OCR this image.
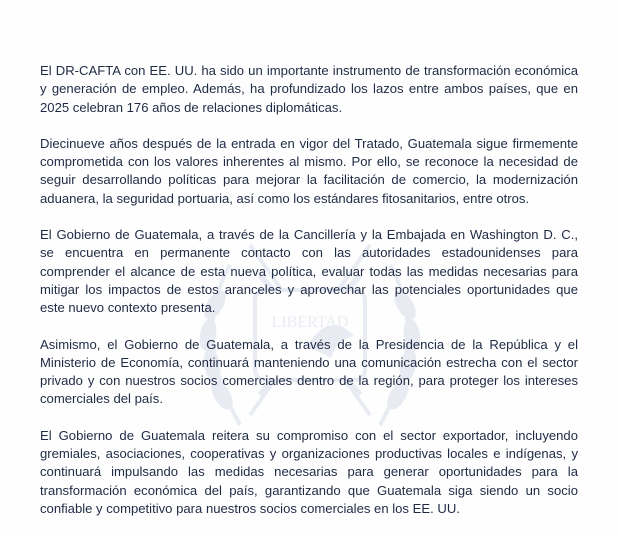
LIBERTAD

El DR-CAFTA con EE. UU. ha sido un importante instrumento de transformación económica y generación de empleo. Además, ha profundizado los lazos entre ambos países, que en 2025 celebran 176 años de relaciones diplomáticas.

Diecinueve años después de la entrada en vigor del Tratado, Guatemala sigue firmemente comprometida con los valores inherentes al mismo. Por ello, se reconoce la necesidad de seguir desarrollando políticas para mejorar la facilitación de comercio, la modernización aduanera, la seguridad portuaria, así como los estándares fitosanitarios, entre otros.

El Gobierno de Guatemala, a través de la Cancillería y la Embajada en Washington D. C., se encuentra en permanente contacto con las autoridades estadounidenses para comprender el alcance de esta nueva política, evaluar todas las medidas necesarias para mitigar los impactos de estos aranceles y aprovechar las potenciales oportunidades que este nuevo contexto presenta.

Asimismo, el Gobierno de Guatemala, a través de la Presidencia de la República y el Ministerio de Economía, continuará manteniendo una comunicación estrecha con el sector privado y con nuestros socios comerciales dentro de la región, para proteger los intereses comerciales del país.

El Gobierno de Guatemala reitera su compromiso con el sector exportador, incluyendo gremiales, asociaciones, cooperativas y organizaciones productivas locales e indígenas, y continuará impulsando las medidas necesarias para generar oportunidades para la transformación económica del país, garantizando que Guatemala siga siendo un socio confiable y competitivo para nuestros socios comerciales en los EE. UU.
